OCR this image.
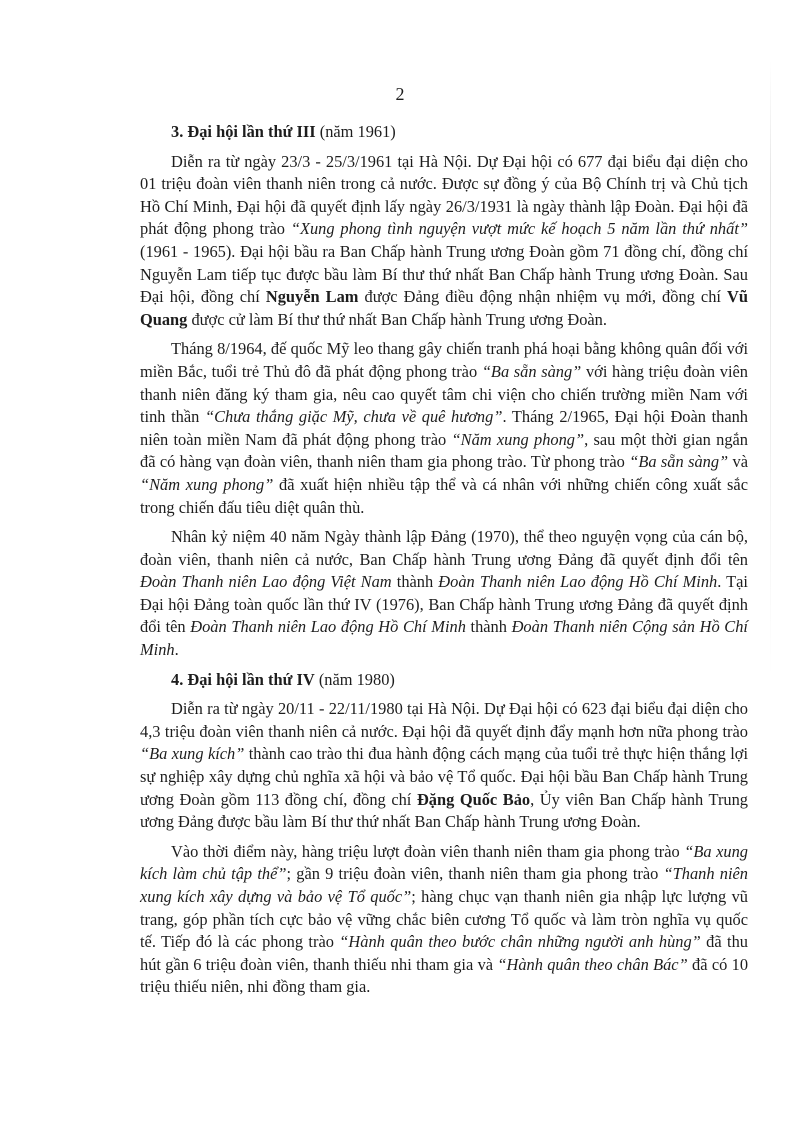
2
3. Đại hội lần thứ III (năm 1961)

Diễn ra từ ngày 23/3 - 25/3/1961 tại Hà Nội. Dự Đại hội có 677 đại biểu đại diện cho 01 triệu đoàn viên thanh niên trong cả nước. Được sự đồng ý của Bộ Chính trị và Chủ tịch Hồ Chí Minh, Đại hội đã quyết định lấy ngày 26/3/1931 là ngày thành lập Đoàn. Đại hội đã phát động phong trào “Xung phong tình nguyện vượt mức kế hoạch 5 năm lần thứ nhất” (1961 - 1965). Đại hội bầu ra Ban Chấp hành Trung ương Đoàn gồm 71 đồng chí, đồng chí Nguyễn Lam tiếp tục được bầu làm Bí thư thứ nhất Ban Chấp hành Trung ương Đoàn. Sau Đại hội, đồng chí Nguyễn Lam được Đảng điều động nhận nhiệm vụ mới, đồng chí Vũ Quang được cử làm Bí thư thứ nhất Ban Chấp hành Trung ương Đoàn.

Tháng 8/1964, đế quốc Mỹ leo thang gây chiến tranh phá hoại bằng không quân đối với miền Bắc, tuổi trẻ Thủ đô đã phát động phong trào “Ba sẵn sàng” với hàng triệu đoàn viên thanh niên đăng ký tham gia, nêu cao quyết tâm chi viện cho chiến trường miền Nam với tinh thần “Chưa thắng giặc Mỹ, chưa về quê hương”. Tháng 2/1965, Đại hội Đoàn thanh niên toàn miền Nam đã phát động phong trào “Năm xung phong”, sau một thời gian ngắn đã có hàng vạn đoàn viên, thanh niên tham gia phong trào. Từ phong trào “Ba sẵn sàng” và “Năm xung phong” đã xuất hiện nhiều tập thể và cá nhân với những chiến công xuất sắc trong chiến đấu tiêu diệt quân thù.

Nhân kỷ niệm 40 năm Ngày thành lập Đảng (1970), thể theo nguyện vọng của cán bộ, đoàn viên, thanh niên cả nước, Ban Chấp hành Trung ương Đảng đã quyết định đổi tên Đoàn Thanh niên Lao động Việt Nam thành Đoàn Thanh niên Lao động Hồ Chí Minh. Tại Đại hội Đảng toàn quốc lần thứ IV (1976), Ban Chấp hành Trung ương Đảng đã quyết định đổi tên Đoàn Thanh niên Lao động Hồ Chí Minh thành Đoàn Thanh niên Cộng sản Hồ Chí Minh.

4. Đại hội lần thứ IV (năm 1980)

Diễn ra từ ngày 20/11 - 22/11/1980 tại Hà Nội. Dự Đại hội có 623 đại biểu đại diện cho 4,3 triệu đoàn viên thanh niên cả nước. Đại hội đã quyết định đẩy mạnh hơn nữa phong trào “Ba xung kích” thành cao trào thi đua hành động cách mạng của tuổi trẻ thực hiện thắng lợi sự nghiệp xây dựng chủ nghĩa xã hội và bảo vệ Tổ quốc. Đại hội bầu Ban Chấp hành Trung ương Đoàn gồm 113 đồng chí, đồng chí Đặng Quốc Bảo, Ủy viên Ban Chấp hành Trung ương Đảng được bầu làm Bí thư thứ nhất Ban Chấp hành Trung ương Đoàn.

Vào thời điểm này, hàng triệu lượt đoàn viên thanh niên tham gia phong trào “Ba xung kích làm chủ tập thể”; gần 9 triệu đoàn viên, thanh niên tham gia phong trào “Thanh niên xung kích xây dựng và bảo vệ Tổ quốc”; hàng chục vạn thanh niên gia nhập lực lượng vũ trang, góp phần tích cực bảo vệ vững chắc biên cương Tổ quốc và làm tròn nghĩa vụ quốc tế. Tiếp đó là các phong trào “Hành quân theo bước chân những người anh hùng” đã thu hút gần 6 triệu đoàn viên, thanh thiếu nhi tham gia và “Hành quân theo chân Bác” đã có 10 triệu thiếu niên, nhi đồng tham gia.
